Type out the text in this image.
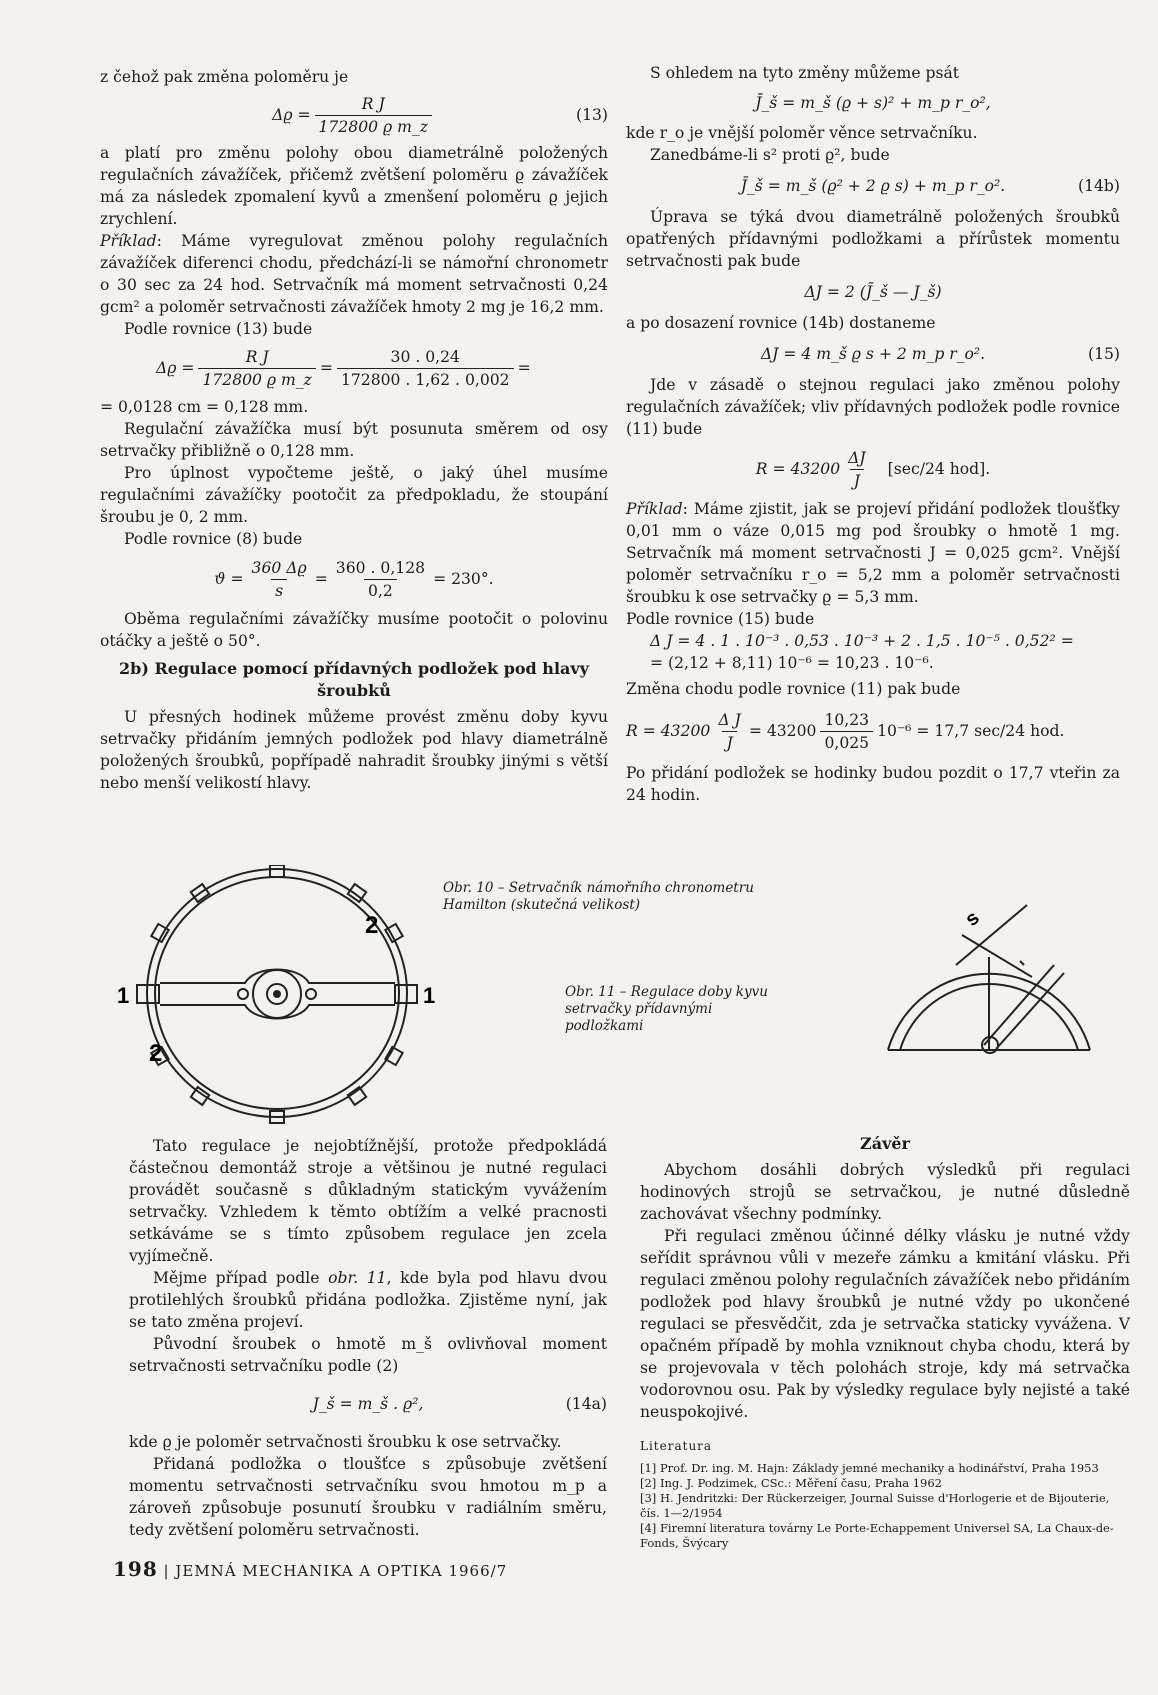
z čehož pak změna poloměru je

$\Delta ϱ = \frac{\text{R J}}{\text{172800 ϱ m\_z}}$	(13)

a platí pro změnu polohy obou diametrálně položených regulačních závažíček, přičemž zvětšení poloměru ϱ závažíček má za následek zpomalení kyvů a zmenšení poloměru ϱ jejich zrychlení.

Příklad: Máme vyregulovat změnou polohy regulačních závažíček diferenci chodu, předchází-li se námořní chronometr o 30 sec za 24 hod. Setrvačník má moment setrvačnosti 0,24 gcm² a poloměr setrvačnosti závažíček hmoty 2 mg je 16,2 mm.

Podle rovnice (13) bude

$\Delta ϱ = \frac{\text{R J}}{\text{172800 ϱ m\_z}} = \frac{30 . 0,24}{172800 . 1,62 . 0,002}$ =

= 0,0128 cm = 0,128 mm.

Regulační závažíčka musí být posunuta směrem od osy setrvačky přibližně o 0,128 mm.

Pro úplnost vypočteme ještě, o jaký úhel musíme regulačními závažíčky pootočit za předpokladu, že stoupání šroubu je 0, 2 mm.

Podle rovnice (8) bude

$ϑ = \frac{360 \Delta ϱ}{s} = \frac{360 . 0,128}{0,2} = 230^\circ$.

Oběma regulačními závažíčky musíme pootočit o polovinu otáčky a ještě o 50°.

2b) Regulace pomocí přídavných podložek pod hlavy šroubků

U přesných hodinek můžeme provést změnu doby kyvu setrvačky přidáním jemných podložek pod hlavy diametrálně položených šroubků, popřípadě nahradit šroubky jinými s větší nebo menší velikostí hlavy.

1	1
2
2
Obr. 10 – Setrvačník námořního chronometru Hamilton (skutečná velikost)
Obr. 11 – Regulace doby kyvu setrvačky přídavnými podložkami
s

Tato regulace je nejobtížnější, protože předpokládá částečnou demontáž stroje a většinou je nutné regulaci provádět současně s důkladným statickým vyvážením setrvačky. Vzhledem k těmto obtížím a velké pracnosti setkáváme se s tímto způsobem regulace jen zcela vyjímečně.

Mějme případ podle obr. 11, kde byla pod hlavu dvou protilehlých šroubků přidána podložka. Zjistěme nyní, jak se tato změna projeví.

Původní šroubek o hmotě m_š ovlivňoval moment setrvačnosti setrvačníku podle (2)

J_š = m_š . ϱ²,	(14a)

kde ϱ je poloměr setrvačnosti šroubku k ose setrvačky.

Přidaná podložka o tloušťce s způsobuje zvětšení momentu setrvačnosti setrvačníku svou hmotou m_p a zároveň způsobuje posunutí šroubku v radiálním směru, tedy zvětšení poloměru setrvačnosti.

S ohledem na tyto změny můžeme psát

J̄_š = m_š (ϱ + s)² + m_p r_o²,

kde r_o je vnější poloměr věnce setrvačníku.

Zanedbáme-li s² proti ϱ², bude

J̄_š = m_š (ϱ² + 2 ϱ s) + m_p r_o².	(14b)

Úprava se týká dvou diametrálně položených šroubků opatřených přídavnými podložkami a přírůstek momentu setrvačnosti pak bude

ΔJ = 2 (J̄_š — J_š)

a po dosazení rovnice (14b) dostaneme

ΔJ = 4 m_š ϱ s + 2 m_p r_o².	(15)

Jde v zásadě o stejnou regulaci jako změnou polohy regulačních závažíček; vliv přídavných podložek podle rovnice (11) bude

$R = 43200 \frac{\Delta J}{J} [\sec/24$ hod].

Příklad: Máme zjistit, jak se projeví přidání podložek tloušťky 0,01 mm o váze 0,015 mg pod šroubky o hmotě 1 mg. Setrvačník má moment setrvačnosti J = 0,025 gcm². Vnější poloměr setrvačníku r_o = 5,2 mm a poloměr setrvačnosti šroubku k ose setrvačky ϱ = 5,3 mm.

Podle rovnice (15) bude

Δ J = 4 . 1 . 10⁻³ . 0,53 . 10⁻³ + 2 . 1,5 . 10⁻⁵ . 0,52² =

= (2,12 + 8,11) 10⁻⁶ = 10,23 . 10⁻⁶.

Změna chodu podle rovnice (11) pak bude

$R = 43200 \frac{\text{Δ J}}{J} = 43200 \frac{10,23}{0,025} 10^{-6} = 17,7$ sec/24 hod.

Po přidání podložek se hodinky budou pozdit o 17,7 vteřin za 24 hodin.

Závěr

Abychom dosáhli dobrých výsledků při regulaci hodinových strojů se setrvačkou, je nutné důsledně zachovávat všechny podmínky.

Při regulaci změnou účinné délky vlásku je nutné vždy seřídit správnou vůli v mezeře zámku a kmitání vlásku. Při regulaci změnou polohy regulačních závažíček nebo přidáním podložek pod hlavy šroubků je nutné vždy po ukončené regulaci se přesvědčit, zda je setrvačka staticky vyvážena. V opačném případě by mohla vzniknout chyba chodu, která by se projevovala v těch polohách stroje, kdy má setrvačka vodorovnou osu. Pak by výsledky regulace byly nejisté a také neuspokojivé.

Literatura
[1] Prof. Dr. ing. M. Hajn: Základy jemné mechaniky a hodinářství, Praha 1953
[2] Ing. J. Podzimek, CSc.: Měření času, Praha 1962
[3] H. Jendritzki: Der Rückerzeiger, Journal Suisse d'Horlogerie et de Bijouterie, čís. 1—2/1954
[4] Firemní literatura továrny Le Porte-Echappement Universel SA, La Chaux-de-Fonds, Švýcary
198 | JEMNÁ MECHANIKA A OPTIKA 1966/7
